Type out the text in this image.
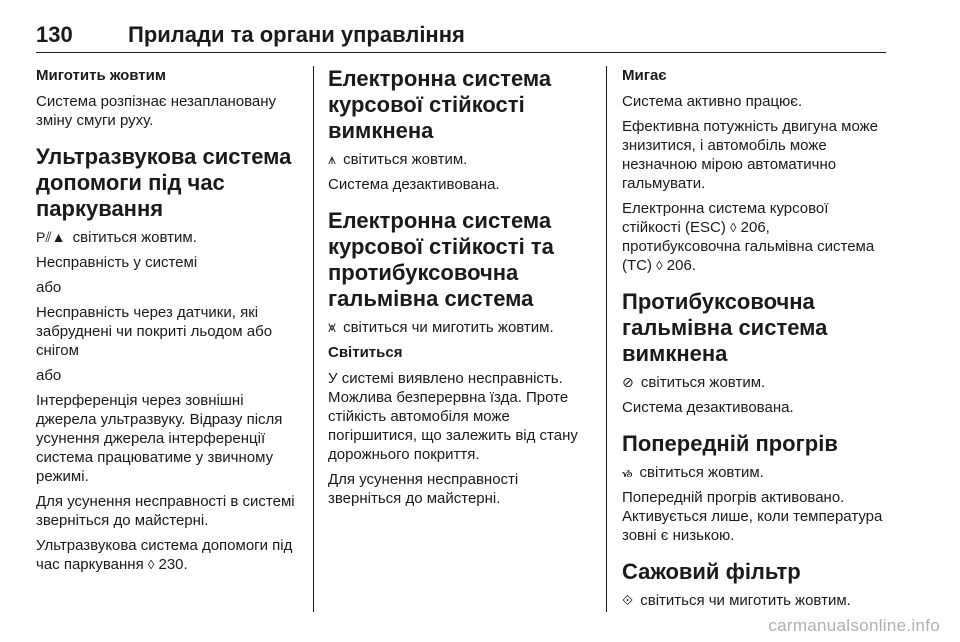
130	Прилади та органи управління
Миготить жовтим

Система розпізнає незаплановану зміну смуги руху.

Ультразвукова система допомоги під час паркування

P⫽▲ світиться жовтим.

Несправність у системі

або

Несправність через датчики, які забруднені чи покриті льодом або снігом

або

Інтерференція через зовнішні джерела ультразвуку. Відразу після усунення джерела інтерференції система працюватиме у звичному режимі.

Для усунення несправності в системі зверніться до майстерні.

Ультразвукова система допомоги під час паркування ◊ 230.

Електронна система курсової стійкості вимкнена

⩚ світиться жовтим.

Система дезактивована.

Електронна система курсової стійкості та протибуксовочна гальмівна система

⩙ світиться чи миготить жовтим.

Світиться

У системі виявлено несправність. Можлива безперервна їзда. Проте стійкість автомобіля може погіршитися, що залежить від стану дорожнього покриття.

Для усунення несправності зверніться до майстерні.

Мигає

Система активно працює.

Ефективна потужність двигуна може знизитися, і автомобіль може незначною мірою автоматично гальмувати.

Електронна система курсової стійкості (ESC) ◊ 206, протибуксовочна гальмівна система (TC) ◊ 206.

Протибуксовочна гальмівна система вимкнена

⊘ світиться жовтим.

Система дезактивована.

Попередній прогрів

ᏹ світиться жовтим.

Попередній прогрів активовано. Активується лише, коли температура зовні є низькою.

Сажовий фільтр

⟐ світиться чи миготить жовтим.

carmanualsonline.info
